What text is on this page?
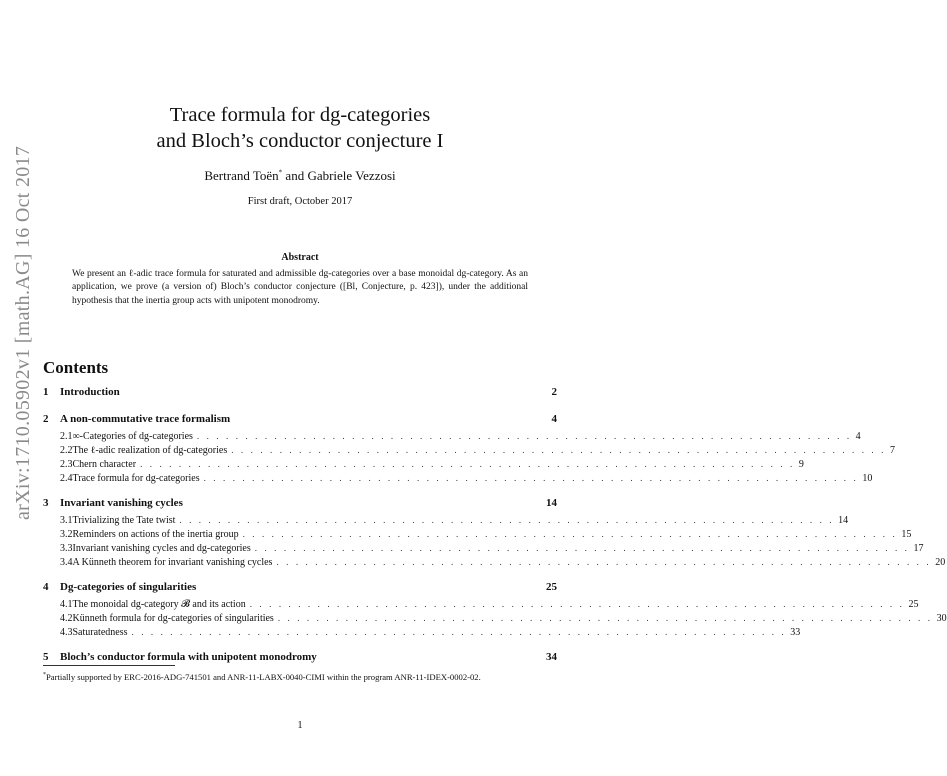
arXiv:1710.05902v1 [math.AG] 16 Oct 2017
Trace formula for dg-categories
and Bloch’s conductor conjecture I
Bertrand Toën* and Gabriele Vezzosi
First draft, October 2017
Abstract
We present an ℓ-adic trace formula for saturated and admissible dg-categories over a base monoidal dg-category. As an application, we prove (a version of) Bloch’s conductor conjecture ([Bl, Conjecture, p. 423]), under the additional hypothesis that the inertia group acts with unipotent monodromy.
Contents
1	Introduction	2
2	A non-commutative trace formalism	4
2.1 ∞-Categories of dg-categories . . . . . . . . . . . . . . . . . . . . . . . . . . . . . . . . . . . . . . . . . . . . . . . . . . . . . . . . . . . . . . . . . . . . 4
2.2 The ℓ-adic realization of dg-categories . . . . . . . . . . . . . . . . . . . . . . . . . . . . . . . . . . . . . . . . . . . . . . . . . . . . . . . . . . . . . . . . . . . . 7
2.3 Chern character . . . . . . . . . . . . . . . . . . . . . . . . . . . . . . . . . . . . . . . . . . . . . . . . . . . . . . . . . . . . . . . . . . . . 9
2.4 Trace formula for dg-categories . . . . . . . . . . . . . . . . . . . . . . . . . . . . . . . . . . . . . . . . . . . . . . . . . . . . . . . . . . . . . . . . . . . . 10
3	Invariant vanishing cycles	14
3.1 Trivializing the Tate twist . . . . . . . . . . . . . . . . . . . . . . . . . . . . . . . . . . . . . . . . . . . . . . . . . . . . . . . . . . . . . . . . . . . . 14
3.2 Reminders on actions of the inertia group . . . . . . . . . . . . . . . . . . . . . . . . . . . . . . . . . . . . . . . . . . . . . . . . . . . . . . . . . . . . . . . . . . . . 15
3.3 Invariant vanishing cycles and dg-categories . . . . . . . . . . . . . . . . . . . . . . . . . . . . . . . . . . . . . . . . . . . . . . . . . . . . . . . . . . . . . . . . . . . . 17
3.4 A Künneth theorem for invariant vanishing cycles . . . . . . . . . . . . . . . . . . . . . . . . . . . . . . . . . . . . . . . . . . . . . . . . . . . . . . . . . . . . . . . . . . . . 20
4	Dg-categories of singularities	25
4.1 The monoidal dg-category 𝓑 and its action . . . . . . . . . . . . . . . . . . . . . . . . . . . . . . . . . . . . . . . . . . . . . . . . . . . . . . . . . . . . . . . . . . . . 25
4.2 Künneth formula for dg-categories of singularities . . . . . . . . . . . . . . . . . . . . . . . . . . . . . . . . . . . . . . . . . . . . . . . . . . . . . . . . . . . . . . . . . . . . 30
4.3 Saturatedness . . . . . . . . . . . . . . . . . . . . . . . . . . . . . . . . . . . . . . . . . . . . . . . . . . . . . . . . . . . . . . . . . . . . 33
5	Bloch’s conductor formula with unipotent monodromy	34
*Partially supported by ERC-2016-ADG-741501 and ANR-11-LABX-0040-CIMI within the program ANR-11-IDEX-0002-02.
1
